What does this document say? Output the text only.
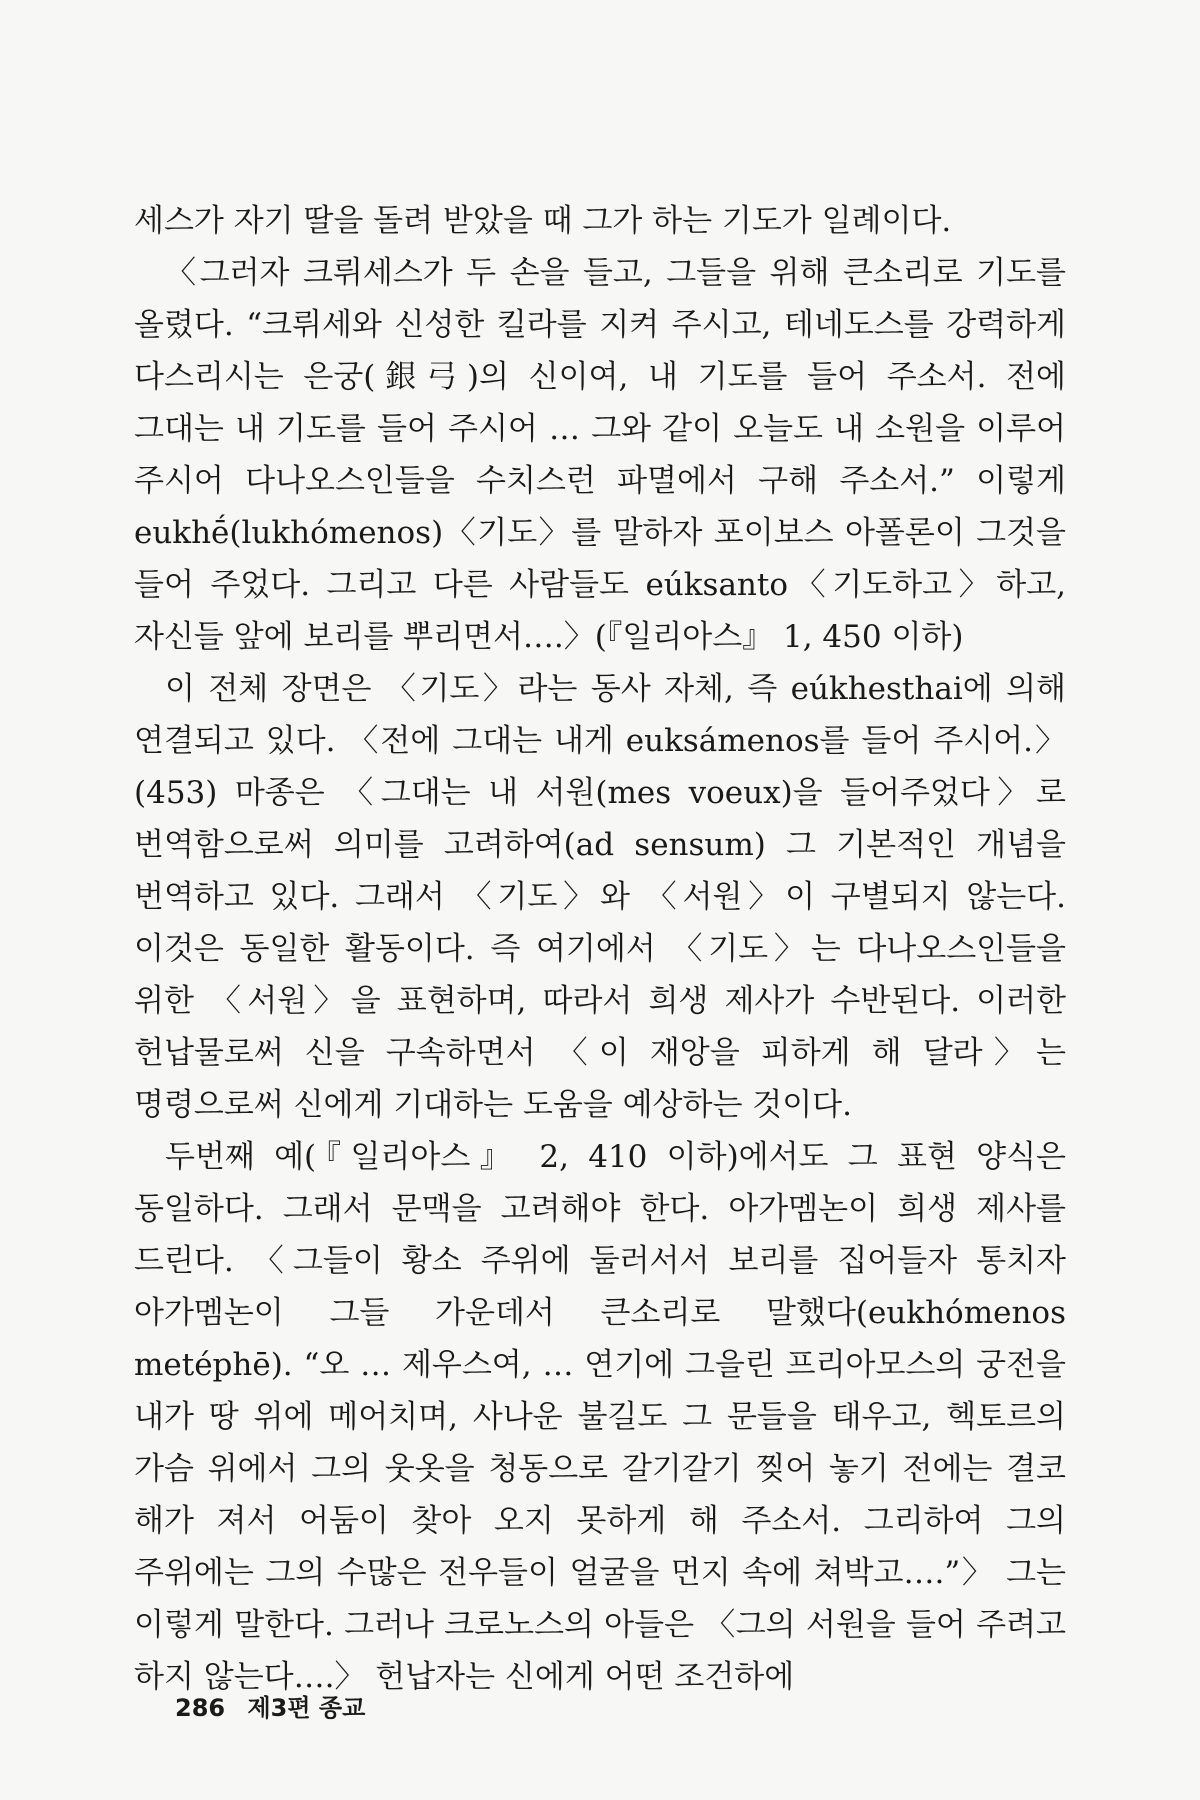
세스가 자기 딸을 돌려 받았을 때 그가 하는 기도가 일례이다.

〈그러자 크뤼세스가 두 손을 들고, 그들을 위해 큰소리로 기도를 올렸다. “크뤼세와 신성한 킬라를 지켜 주시고, 테네도스를 강력하게 다스리시는 은궁(銀弓)의 신이여, 내 기도를 들어 주소서. 전에 그대는 내 기도를 들어 주시어 … 그와 같이 오늘도 내 소원을 이루어 주시어 다나오스인들을 수치스런 파멸에서 구해 주소서.” 이렇게 eukhḗ(lukhómenos)〈기도〉를 말하자 포이보스 아폴론이 그것을 들어 주었다. 그리고 다른 사람들도 eúksanto〈기도하고〉하고, 자신들 앞에 보리를 뿌리면서….〉(『일리아스』 1, 450 이하)

이 전체 장면은 〈기도〉라는 동사 자체, 즉 eúkhesthai에 의해 연결되고 있다. 〈전에 그대는 내게 euksámenos를 들어 주시어.〉(453) 마종은 〈그대는 내 서원(mes voeux)을 들어주었다〉로 번역함으로써 의미를 고려하여(ad sensum) 그 기본적인 개념을 번역하고 있다. 그래서 〈기도〉와 〈서원〉이 구별되지 않는다. 이것은 동일한 활동이다. 즉 여기에서 〈기도〉는 다나오스인들을 위한 〈서원〉을 표현하며, 따라서 희생 제사가 수반된다. 이러한 헌납물로써 신을 구속하면서 〈이 재앙을 피하게 해 달라〉는 명령으로써 신에게 기대하는 도움을 예상하는 것이다.

두번째 예(『일리아스』 2, 410 이하)에서도 그 표현 양식은 동일하다. 그래서 문맥을 고려해야 한다. 아가멤논이 희생 제사를 드린다. 〈그들이 황소 주위에 둘러서서 보리를 집어들자 통치자 아가멤논이 그들 가운데서 큰소리로 말했다(eukhómenos metéphē). “오 … 제우스여, … 연기에 그을린 프리아모스의 궁전을 내가 땅 위에 메어치며, 사나운 불길도 그 문들을 태우고, 헥토르의 가슴 위에서 그의 웃옷을 청동으로 갈기갈기 찢어 놓기 전에는 결코 해가 져서 어둠이 찾아 오지 못하게 해 주소서. 그리하여 그의 주위에는 그의 수많은 전우들이 얼굴을 먼지 속에 쳐박고….”〉 그는 이렇게 말한다. 그러나 크로노스의 아들은 〈그의 서원을 들어 주려고 하지 않는다….〉 헌납자는 신에게 어떤 조건하에

286 제3편 종교
